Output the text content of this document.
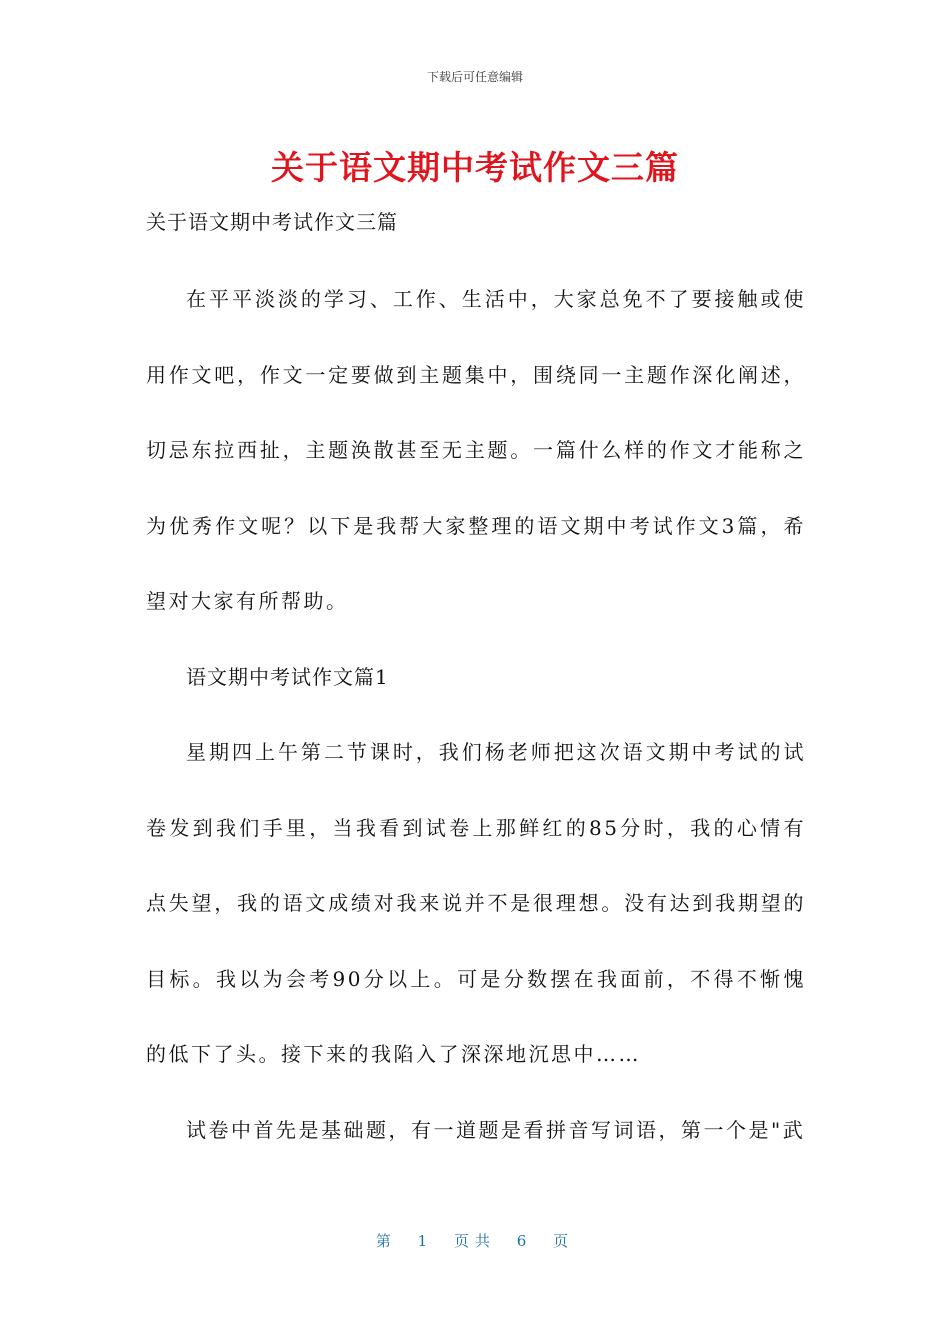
下载后可任意编辑
关于语文期中考试作文三篇
关于语文期中考试作文三篇

在平平淡淡的学习、工作、生活中，大家总免不了要接触或使用作文吧，作文一定要做到主题集中，围绕同一主题作深化阐述，切忌东拉西扯，主题涣散甚至无主题。一篇什么样的作文才能称之为优秀作文呢？以下是我帮大家整理的语文期中考试作文3篇，希望对大家有所帮助。

语文期中考试作文篇1

星期四上午第二节课时，我们杨老师把这次语文期中考试的试卷发到我们手里，当我看到试卷上那鲜红的85分时，我的心情有点失望，我的语文成绩对我来说并不是很理想。没有达到我期望的目标。我以为会考90分以上。可是分数摆在我面前，不得不惭愧的低下了头。接下来的我陷入了深深地沉思中……

试卷中首先是基础题，有一道题是看拼音写词语，第一个是"武

第 1 页共 6 页
